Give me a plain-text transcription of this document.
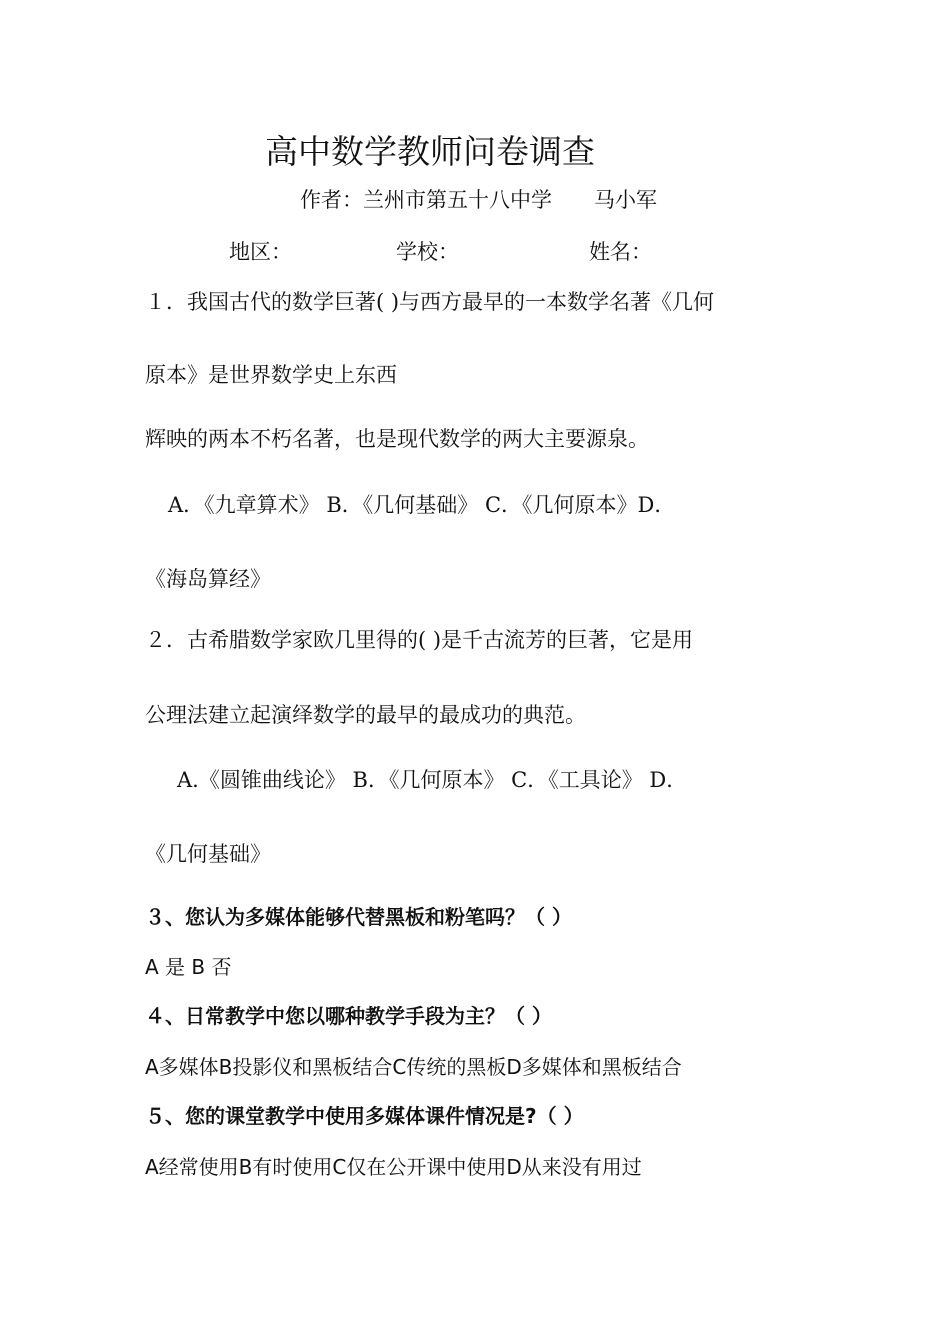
高中数学教师问卷调查
作者：兰州市第五十八中学 马小军
地区：	学校：	姓名：
１．我国古代的数学巨著( )与西方最早的一本数学名著《几何
原本》是世界数学史上东西
辉映的两本不朽名著，也是现代数学的两大主要源泉。
A．《九章算术》 B．《几何基础》 C．《几何原本》D．
《海岛算经》
２．古希腊数学家欧几里得的( )是千古流芳的巨著，它是用
公理法建立起演绎数学的最早的最成功的典范。
A.《圆锥曲线论》 B．《几何原本》 C．《工具论》 D．
《几何基础》
３、您认为多媒体能够代替黑板和粉笔吗？（ ）
A 是 B 否
４、日常教学中您以哪种教学手段为主？（ ）
A多媒体B投影仪和黑板结合C传统的黑板D多媒体和黑板结合
５、您的课堂教学中使用多媒体课件情况是?（ ）
A经常使用B有时使用C仅在公开课中使用D从来没有用过
